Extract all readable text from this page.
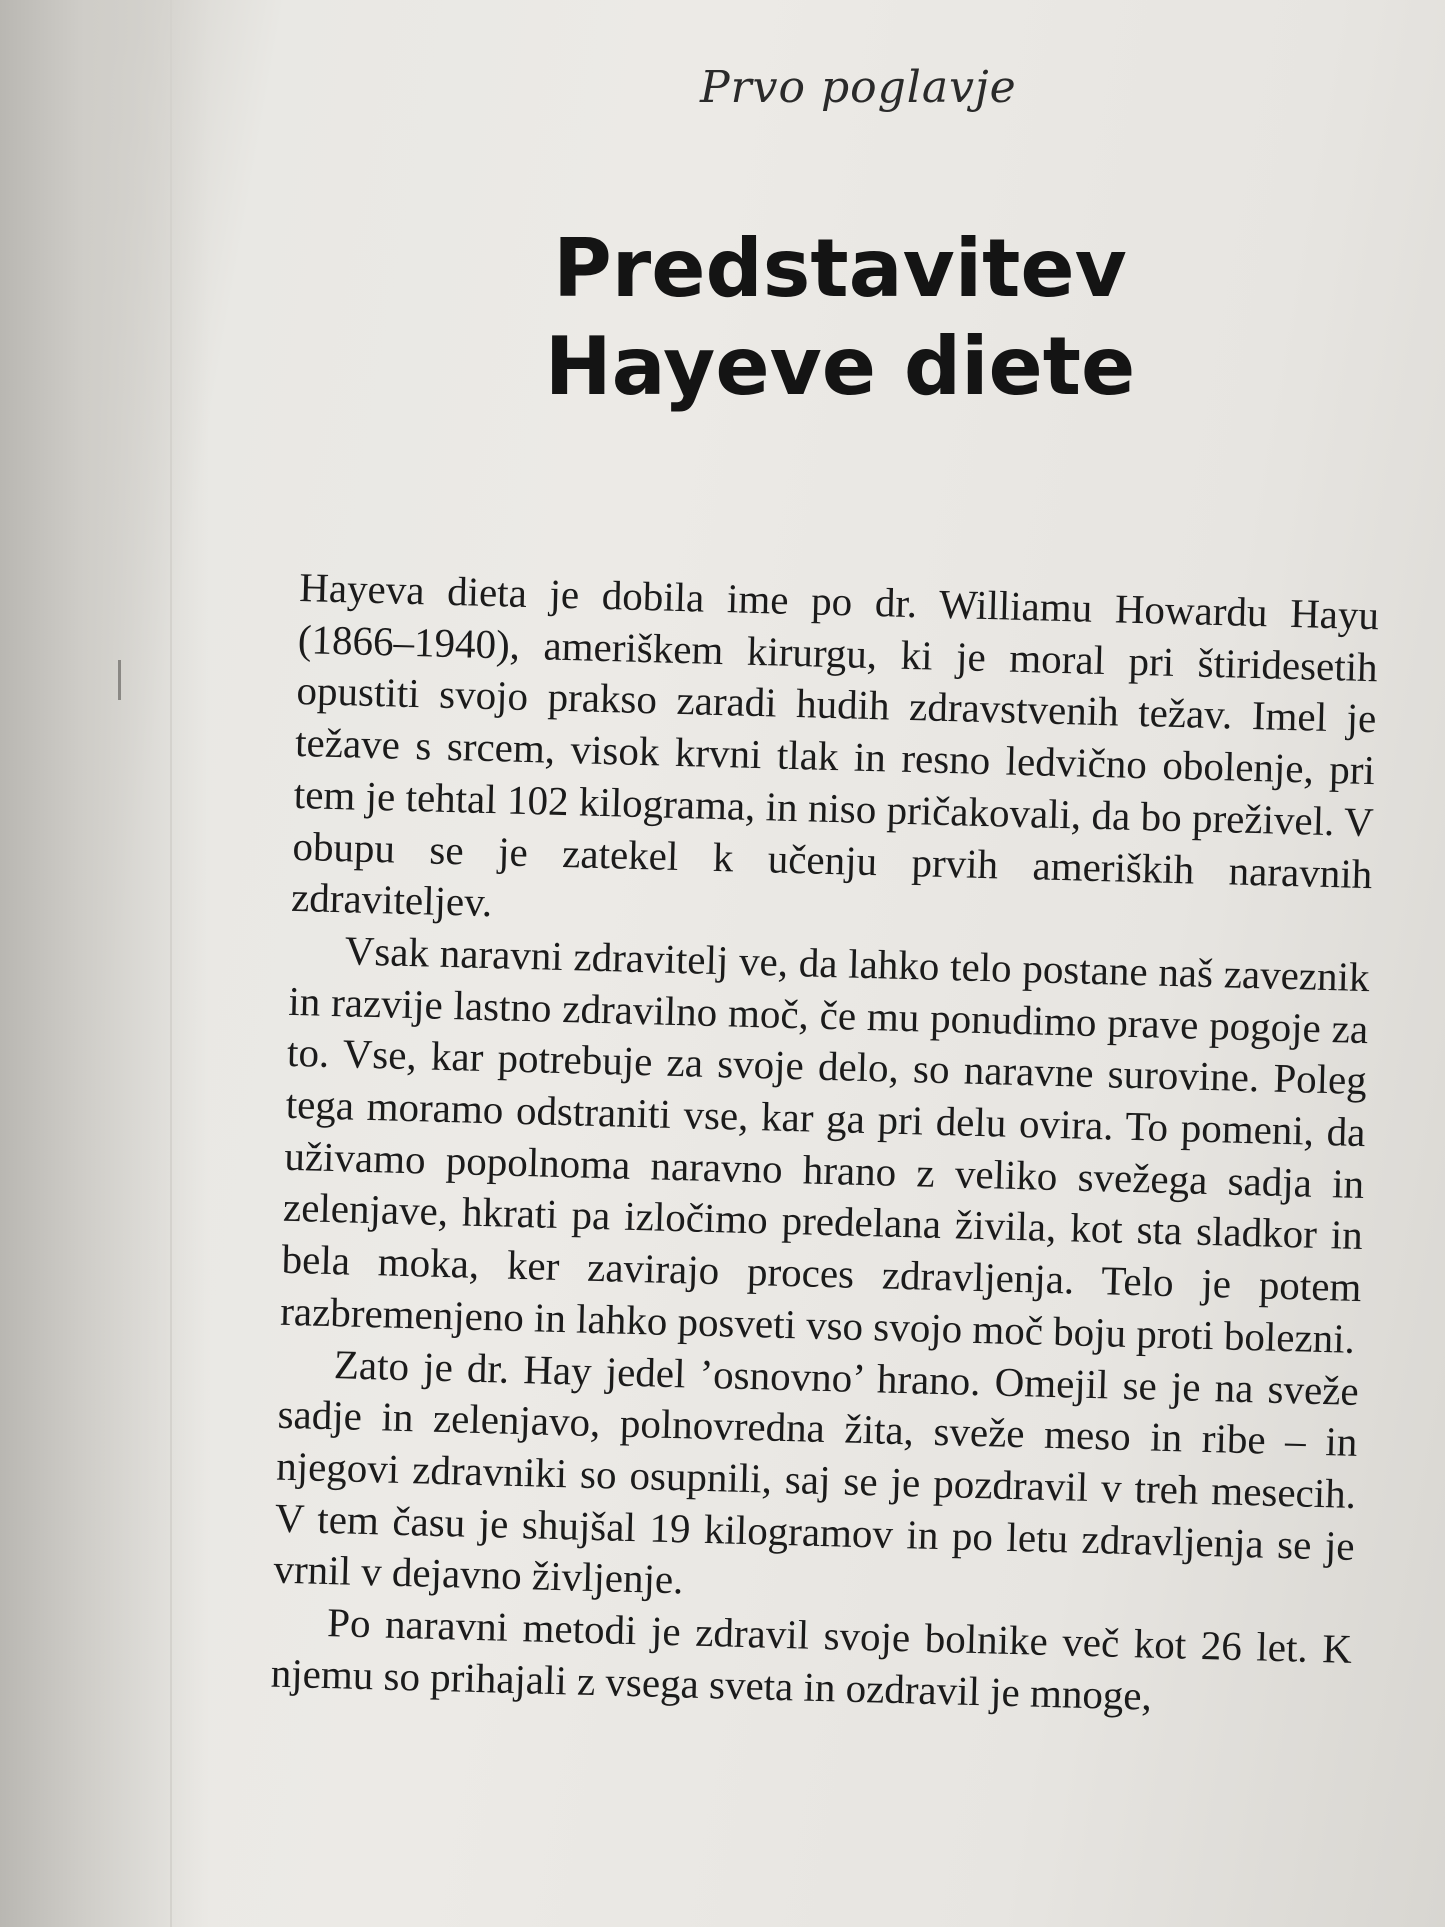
Prvo poglavje
Predstavitev Hayeve diete

Hayeva dieta je dobila ime po dr. Williamu Howardu Hayu (1866–1940), ameriškem kirurgu, ki je moral pri štiridesetih opustiti svojo prakso zaradi hudih zdravstvenih težav. Imel je težave s srcem, visok krvni tlak in resno ledvično obolenje, pri tem je tehtal 102 kilograma, in niso pričakovali, da bo preživel. V obupu se je zatekel k učenju prvih ameriških naravnih zdraviteljev.

Vsak naravni zdravitelj ve, da lahko telo postane naš zaveznik in razvije lastno zdravilno moč, če mu ponudimo prave pogoje za to. Vse, kar potrebuje za svoje delo, so naravne surovine. Poleg tega moramo odstraniti vse, kar ga pri delu ovira. To pomeni, da uživamo popolnoma naravno hrano z veliko svežega sadja in zelenjave, hkrati pa izločimo predelana živila, kot sta sladkor in bela moka, ker zavirajo proces zdravljenja. Telo je potem razbremenjeno in lahko posveti vso svojo moč boju proti bolezni.

Zato je dr. Hay jedel ’osnovno’ hrano. Omejil se je na sveže sadje in zelenjavo, polnovredna žita, sveže meso in ribe – in njegovi zdravniki so osupnili, saj se je pozdravil v treh mesecih. V tem času je shujšal 19 kilogramov in po letu zdravljenja se je vrnil v dejavno življenje.

Po naravni metodi je zdravil svoje bolnike več kot 26 let. K njemu so prihajali z vsega sveta in ozdravil je mnoge,
